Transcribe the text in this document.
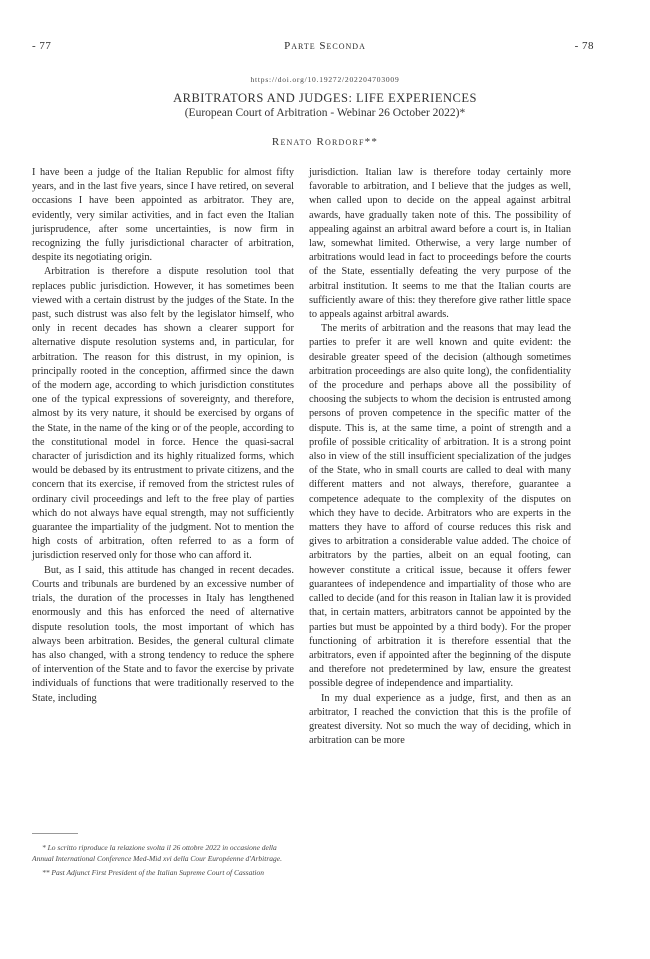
- 77	Parte Seconda	- 78
https://doi.org/10.19272/202204703009
ARBITRATORS AND JUDGES: LIFE EXPERIENCES
(European Court of Arbitration - Webinar 26 October 2022)*
Renato Rordorf**

I have been a judge of the Italian Republic for almost fifty years, and in the last five years, since I have retired, on several occasions I have been appointed as arbitrator. They are, evidently, very similar activities, and in fact even the Italian jurisprudence, after some uncertainties, is now firm in recognizing the fully jurisdictional character of arbitration, despite its negotiating origin.

Arbitration is therefore a dispute resolution tool that replaces public jurisdiction. However, it has sometimes been viewed with a certain distrust by the judges of the State. In the past, such distrust was also felt by the legislator himself, who only in recent decades has shown a clearer support for alternative dispute resolution systems and, in particular, for arbitration. The reason for this distrust, in my opinion, is principally rooted in the conception, affirmed since the dawn of the modern age, according to which jurisdiction constitutes one of the typical expressions of sovereignty, and therefore, almost by its very nature, it should be exercised by organs of the State, in the name of the king or of the people, according to the constitutional model in force. Hence the quasi-sacral character of jurisdiction and its highly ritualized forms, which would be debased by its entrustment to private citizens, and the concern that its exercise, if removed from the strictest rules of ordinary civil proceedings and left to the free play of parties which do not always have equal strength, may not sufficiently guarantee the impartiality of the judgment. Not to mention the high costs of arbitration, often referred to as a form of jurisdiction reserved only for those who can afford it.

But, as I said, this attitude has changed in recent decades. Courts and tribunals are burdened by an excessive number of trials, the duration of the processes in Italy has lengthened enormously and this has enforced the need of alternative dispute resolution tools, the most important of which has always been arbitration. Besides, the general cultural climate has also changed, with a strong tendency to reduce the sphere of intervention of the State and to favor the exercise by private individuals of functions that were traditionally reserved to the State, including

jurisdiction. Italian law is therefore today certainly more favorable to arbitration, and I believe that the judges as well, when called upon to decide on the appeal against arbitral awards, have gradually taken note of this. The possibility of appealing against an arbitral award before a court is, in Italian law, somewhat limited. Otherwise, a very large number of arbitrations would lead in fact to proceedings before the courts of the State, essentially defeating the very purpose of the arbitral institution. It seems to me that the Italian courts are sufficiently aware of this: they therefore give rather little space to appeals against arbitral awards.

The merits of arbitration and the reasons that may lead the parties to prefer it are well known and quite evident: the desirable greater speed of the decision (although sometimes arbitration proceedings are also quite long), the confidentiality of the procedure and perhaps above all the possibility of choosing the subjects to whom the decision is entrusted among persons of proven competence in the specific matter of the dispute. This is, at the same time, a point of strength and a profile of possible criticality of arbitration. It is a strong point also in view of the still insufficient specialization of the judges of the State, who in small courts are called to deal with many different matters and not always, therefore, guarantee a competence adequate to the complexity of the disputes on which they have to decide. Arbitrators who are experts in the matters they have to afford of course reduces this risk and gives to arbitration a considerable value added. The choice of arbitrators by the parties, albeit on an equal footing, can however constitute a critical issue, because it offers fewer guarantees of independence and impartiality of those who are called to decide (and for this reason in Italian law it is provided that, in certain matters, arbitrators cannot be appointed by the parties but must be appointed by a third body). For the proper functioning of arbitration it is therefore essential that the arbitrators, even if appointed after the beginning of the dispute and therefore not predetermined by law, ensure the greatest possible degree of independence and impartiality.

In my dual experience as a judge, first, and then as an arbitrator, I reached the conviction that this is the profile of greatest diversity. Not so much the way of deciding, which in arbitration can be more

* Lo scritto riproduce la relazione svolta il 26 ottobre 2022 in occasione della Annual International Conference Med-Mid xvi della Cour Européenne d'Arbitrage.
** Past Adjunct First President of the Italian Supreme Court of Cassation
